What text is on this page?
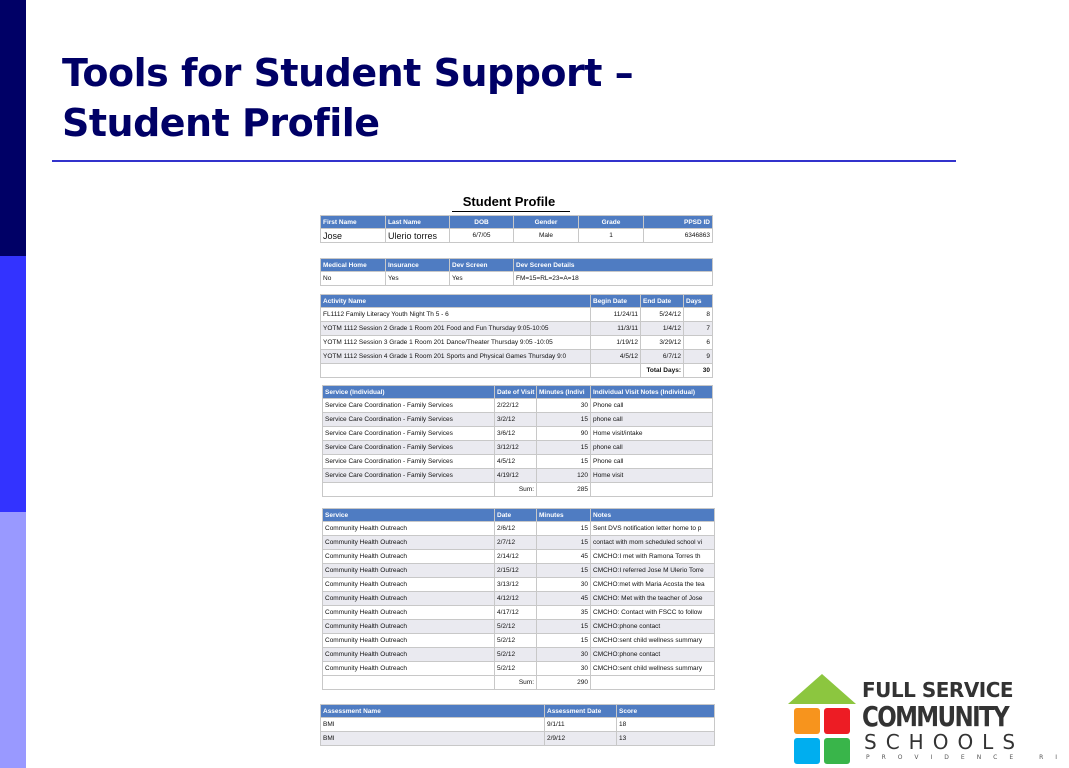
Tools for Student Support –
Student Profile
Student Profile
First Name	Last Name	DOB	Gender	Grade	PPSD ID
Jose	Ulerio torres	6/7/05	Male	1	6346863
Medical Home	Insurance	Dev Screen	Dev Screen Details
No	Yes	Yes	FM=15=RL=23=A=18
Activity Name	Begin Date	End Date	Days
FL1112 Family Literacy Youth Night Th 5 - 6	11/24/11	5/24/12	8
YOTM 1112 Session 2 Grade 1 Room 201 Food and Fun Thursday 9:05-10:05	11/3/11	1/4/12	7
YOTM 1112 Session 3 Grade 1 Room 201 Dance/Theater Thursday 9:05 -10:05	1/19/12	3/29/12	6
YOTM 1112 Session 4 Grade 1 Room 201 Sports and Physical Games Thursday 9:0	4/5/12	6/7/12	9
		Total Days:	30
Service (Individual)	Date of Visit	Minutes (Indivi	Individual Visit Notes (Individual)
Service Care Coordination - Family Services	2/22/12	30	Phone call
Service Care Coordination - Family Services	3/2/12	15	phone call
Service Care Coordination - Family Services	3/6/12	90	Home visit/intake
Service Care Coordination - Family Services	3/12/12	15	phone call
Service Care Coordination - Family Services	4/5/12	15	Phone call
Service Care Coordination - Family Services	4/19/12	120	Home visit
	Sum:	285	
Service	Date	Minutes	Notes
Community Health Outreach	2/6/12	15	Sent DVS notification letter home to p
Community Health Outreach	2/7/12	15	contact with mom scheduled school vi
Community Health Outreach	2/14/12	45	CMCHO:I met with Ramona Torres th
Community Health Outreach	2/15/12	15	CMCHO:I referred Jose M Ulerio Torre
Community Health Outreach	3/13/12	30	CMCHO:met with Maria Acosta the tea
Community Health Outreach	4/12/12	45	CMCHO: Met with the teacher of Jose
Community Health Outreach	4/17/12	35	CMCHO: Contact with FSCC to follow
Community Health Outreach	5/2/12	15	CMCHO:phone contact
Community Health Outreach	5/2/12	15	CMCHO:sent child wellness summary
Community Health Outreach	5/2/12	30	CMCHO:phone contact
Community Health Outreach	5/2/12	30	CMCHO:sent child wellness summary
	Sum:	290	
Assessment Name	Assessment Date	Score
BMI	9/1/11	18
BMI	2/9/12	13
FULL SERVICE
COMMUNITY
SCHOOLS
PROVIDENCE RI
